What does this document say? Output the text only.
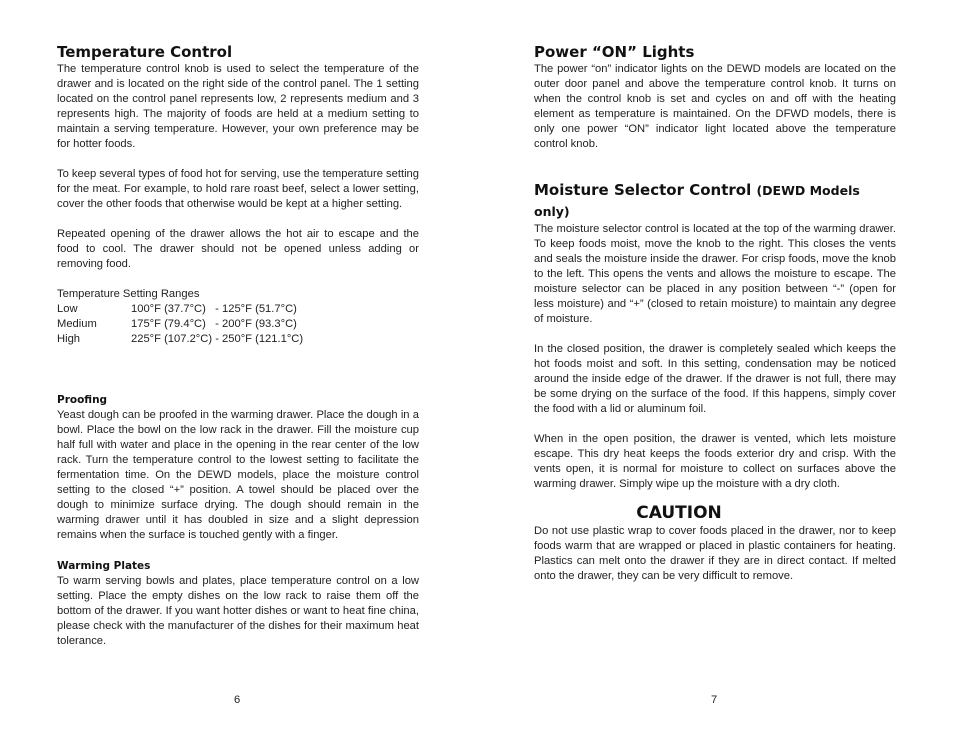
Temperature Control

The temperature control knob is used to select the temperature of the drawer and is located on the right side of the control panel. The 1 setting located on the control panel represents low, 2 represents medium and 3 represents high. The majority of foods are held at a medium setting to maintain a serving temperature. However, your own preference may be for hotter foods.

To keep several types of food hot for serving, use the temperature setting for the meat. For example, to hold rare roast beef, select a lower setting, cover the other foods that otherwise would be kept at a higher setting.

Repeated opening of the drawer allows the hot air to escape and the food to cool. The drawer should not be opened unless adding or removing food.

Temperature Setting Ranges
Low	100°F (37.7°C)   - 125°F (51.7°C)
Medium	175°F (79.4°C)   - 200°F (93.3°C)
High	225°F (107.2°C) - 250°F (121.1°C)
Proofing

Yeast dough can be proofed in the warming drawer. Place the dough in a bowl. Place the bowl on the low rack in the drawer. Fill the moisture cup half full with water and place in the opening in the rear center of the low rack. Turn the temperature control to the lowest setting to facilitate the fermentation time. On the DEWD models, place the moisture control setting to the closed “+” position. A towel should be placed over the dough to minimize surface drying. The dough should remain in the warming drawer until it has doubled in size and a slight depression remains when the surface is touched gently with a finger.

Warming Plates

To warm serving bowls and plates, place temperature control on a low setting. Place the empty dishes on the low rack to raise them off the bottom of the drawer. If you want hotter dishes or want to heat fine china, please check with the manufacturer of the dishes for their maximum heat tolerance.

6
Power “ON” Lights

The power “on” indicator lights on the DEWD models are located on the outer door panel and above the temperature control knob. It turns on when the control knob is set and cycles on and off with the heating element as temperature is maintained. On the DFWD models, there is only one power “ON” indicator light located above the temperature control knob.

Moisture Selector Control (DEWD Models only)

The moisture selector control is located at the top of the warming drawer. To keep foods moist, move the knob to the right. This closes the vents and seals the moisture inside the drawer. For crisp foods, move the knob to the left. This opens the vents and allows the moisture to escape. The moisture selector can be placed in any position between “-” (open for less moisture) and “+” (closed to retain moisture) to maintain any degree of moisture.

In the closed position, the drawer is completely sealed which keeps the hot foods moist and soft. In this setting, condensation may be noticed around the inside edge of the drawer. If the drawer is not full, there may be some drying on the surface of the food. If this happens, simply cover the food with a lid or aluminum foil.

When in the open position, the drawer is vented, which lets moisture escape. This dry heat keeps the foods exterior dry and crisp. With the vents open, it is normal for moisture to collect on surfaces above the warming drawer. Simply wipe up the moisture with a dry cloth.

CAUTION

Do not use plastic wrap to cover foods placed in the drawer, nor to keep foods warm that are wrapped or placed in plastic containers for heating. Plastics can melt onto the drawer if they are in direct contact. If melted onto the drawer, they can be very difficult to remove.

7
